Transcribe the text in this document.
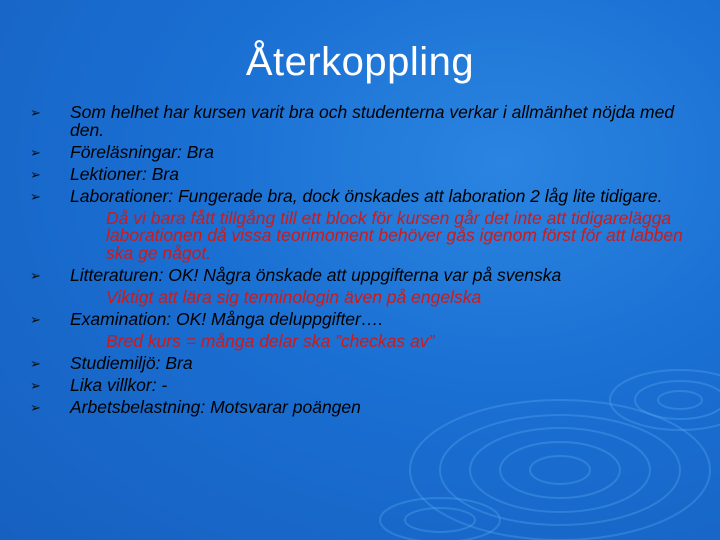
Återkoppling
➢ Som helhet har kursen varit bra och studenterna verkar i allmänhet nöjda med den.
➢ Föreläsningar: Bra
➢ Lektioner: Bra
➢ Laborationer: Fungerade bra, dock önskades att laboration 2 låg lite tidigare.
Då vi bara fått tillgång till ett block för kursen går det inte att tidigarelägga laborationen då vissa teorimoment behöver gås igenom först för att labben ska ge något.
➢ Litteraturen: OK! Några önskade att uppgifterna var på svenska
Viktigt att lära sig terminologin även på engelska
➢ Examination: OK! Många deluppgifter….
Bred kurs = många delar ska ”checkas av”
➢ Studiemiljö: Bra
➢ Lika villkor: -
➢ Arbetsbelastning: Motsvarar poängen
